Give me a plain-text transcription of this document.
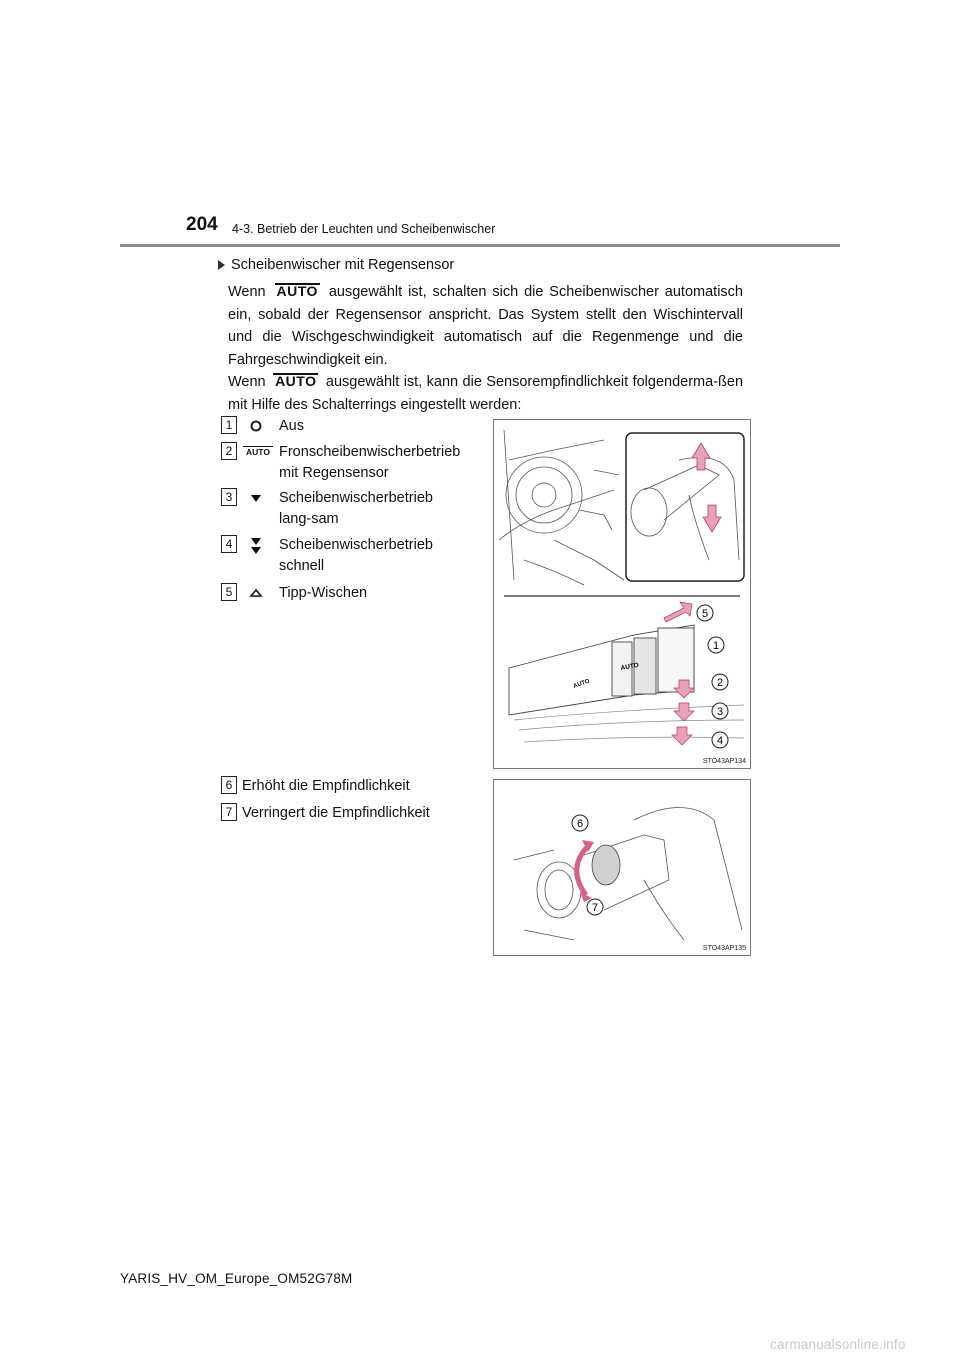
204 4-3. Betrieb der Leuchten und Scheibenwischer
Scheibenwischer mit Regensensor
Wenn AUTO ausgewählt ist, schalten sich die Scheibenwischer automatisch ein, sobald der Regensensor anspricht. Das System stellt den Wischintervall und die Wischgeschwindigkeit automatisch auf die Regenmenge und die Fahrgeschwindigkeit ein.
Wenn AUTO ausgewählt ist, kann die Sensorempfindlichkeit folgenderma-ßen mit Hilfe des Schalterrings eingestellt werden:
1	Aus
2	AUTO Fronscheibenwischerbetrieb mit Regensensor
3	Scheibenwischerbetrieb lang-sam
4	Scheibenwischerbetrieb schnell
5	Tipp-Wischen
6 Erhöht die Empfindlichkeit
7 Verringert die Empfindlichkeit
AUTO
AUTO
5
1
2
3
4
STO43AP134
6
7
STO43AP135
YARIS_HV_OM_Europe_OM52G78M
carmanualsonline.info
